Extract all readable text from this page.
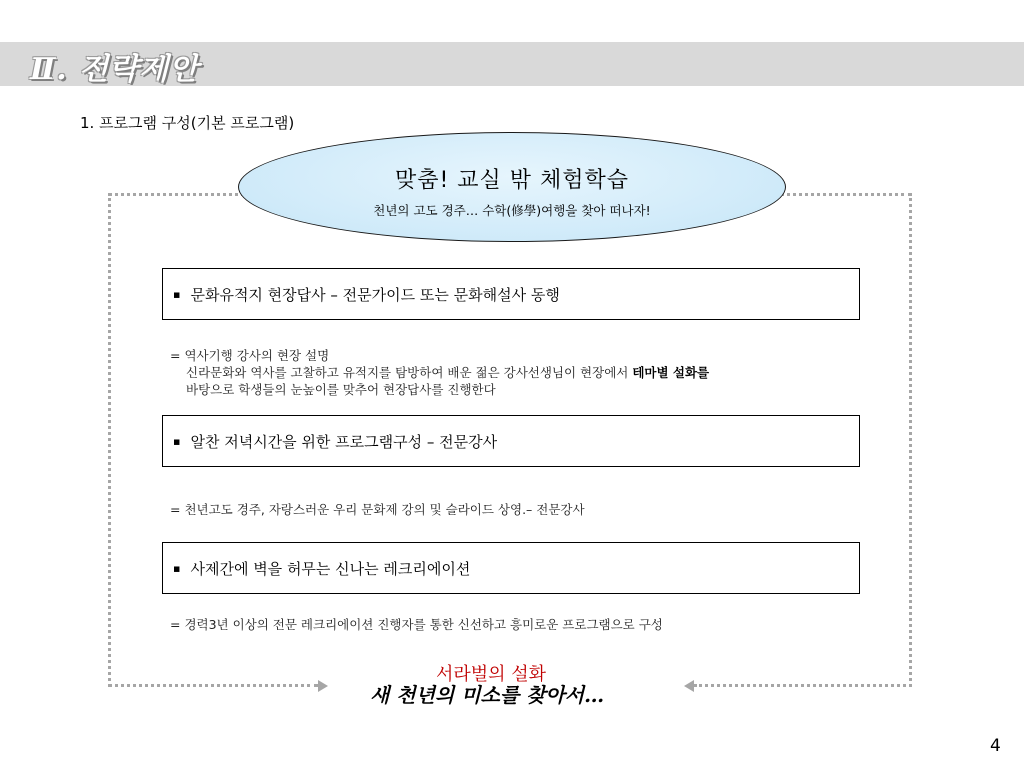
Ⅱ. 전략제안
1. 프로그램 구성(기본 프로그램)
맞춤! 교실 밖 체험학습
천년의 고도 경주… 수학(修學)여행을 찾아 떠나자!
▪ 문화유적지 현장답사 – 전문가이드 또는 문화해설사 동행
= 역사기행 강사의 현장 설명
신라문화와 역사를 고찰하고 유적지를 탐방하여 배운 젊은 강사선생님이 현장에서 테마별 설화를
바탕으로 학생들의 눈높이를 맞추어 현장답사를 진행한다
▪ 알찬 저녁시간을 위한 프로그램구성 – 전문강사
= 천년고도 경주, 자랑스러운 우리 문화제 강의 및 슬라이드 상영.– 전문강사
▪ 사제간에 벽을 허무는 신나는 레크리에이션
= 경력3년 이상의 전문 레크리에이션 진행자를 통한 신선하고 흥미로운 프로그램으로 구성
서라벌의 설화
새 천년의 미소를 찾아서…
4
